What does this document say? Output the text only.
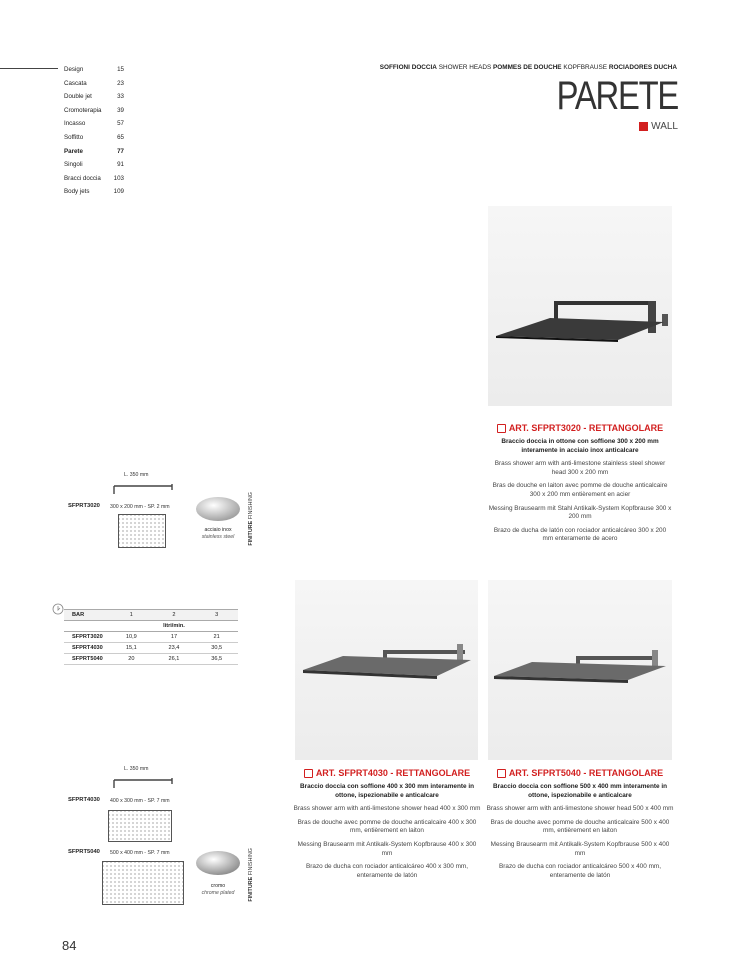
Design	15
Cascata	23
Double jet	33
Cromoterapia	39
Incasso	57
Soffitto	65
Parete	77
Singoli	91
Bracci doccia 103
Body jets	109
SOFFIONI DOCCIA SHOWER HEADS POMMES DE DOUCHE KOPFBRAUSE ROCIADORES DUCHA
PARETE
WALL
ART. SFPRT3020 - RETTANGOLARE
Braccio doccia in ottone con soffione 300 x 200 mm interamente in acciaio inox anticalcare

Brass shower arm with anti-limestone stainless steel shower head 300 x 200 mm

Bras de douche en laiton avec pomme de douche anticalcaire 300 x 200 mm entièrement en acier

Messing Brausearm mit Stahl Antikalk-System Kopfbrause 300 x 200 mm

Brazo de ducha de latón con rociador anticalcáreo 300 x 200 mm enteramente de acero

L. 350 mm
SFPRT3020 300 x 200 mm - SP. 2 mm
acciaio inox
stainless steel	FINITURE FINISHING
BAR	1	2	3
	litri/min.		
SFPRT3020	10,9	17	21
SFPRT4030	15,1	23,4	30,5
SFPRT5040	20	26,1	36,5
ART. SFPRT4030 - RETTANGOLARE
Braccio doccia con soffione 400 x 300 mm interamente in ottone, ispezionabile e anticalcare

Brass shower arm with anti-limestone shower head 400 x 300 mm

Bras de douche avec pomme de douche anticalcaire 400 x 300 mm, entièrement en laiton

Messing Brausearm mit Antikalk-System Kopfbrause 400 x 300 mm

Brazo de ducha con rociador anticalcáreo 400 x 300 mm, enteramente de latón

ART. SFPRT5040 - RETTANGOLARE
Braccio doccia con soffione 500 x 400 mm interamente in ottone, ispezionabile e anticalcare

Brass shower arm with anti-limestone shower head 500 x 400 mm

Bras de douche avec pomme de douche anticalcaire 500 x 400 mm, entièrement en laiton

Messing Brausearm mit Antikalk-System Kopfbrause 500 x 400 mm

Brazo de ducha con rociador anticalcáreo 500 x 400 mm, enteramente de latón

L. 350 mm
SFPRT4030 400 x 300 mm - SP. 7 mm
SFPRT5040 500 x 400 mm - SP. 7 mm
cromo
chrome plated	FINITURE FINISHING
84
